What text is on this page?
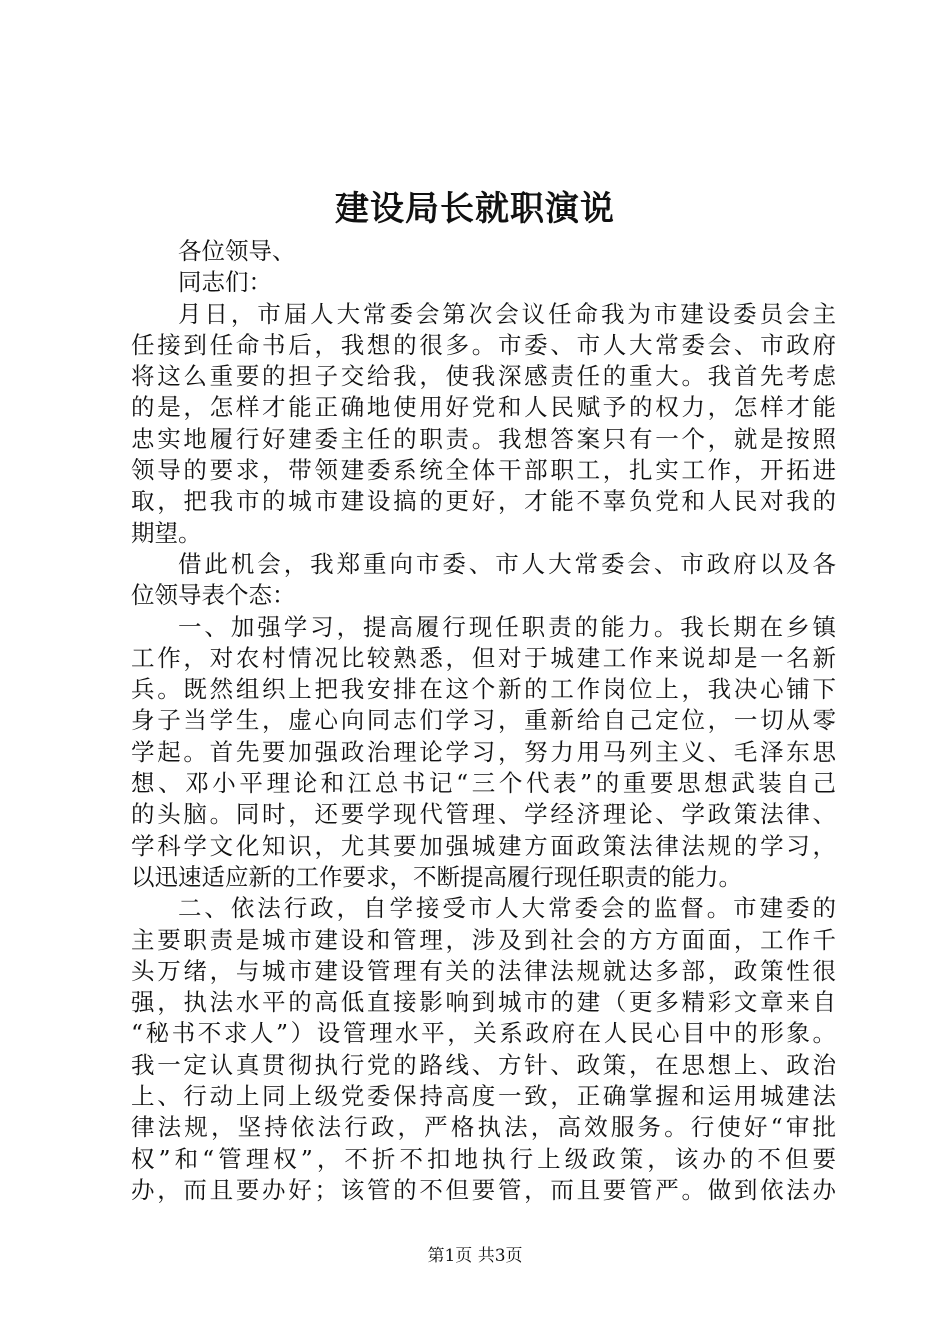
建设局长就职演说
各位领导、
同志们：
月日，市届人大常委会第次会议任命我为市建设委员会主
任接到任命书后，我想的很多。市委、市人大常委会、市政府
将这么重要的担子交给我，使我深感责任的重大。我首先考虑
的是，怎样才能正确地使用好党和人民赋予的权力，怎样才能
忠实地履行好建委主任的职责。我想答案只有一个，就是按照
领导的要求，带领建委系统全体干部职工，扎实工作，开拓进
取，把我市的城市建设搞的更好，才能不辜负党和人民对我的
期望。
借此机会，我郑重向市委、市人大常委会、市政府以及各
位领导表个态：
一、加强学习，提高履行现任职责的能力。我长期在乡镇
工作，对农村情况比较熟悉，但对于城建工作来说却是一名新
兵。既然组织上把我安排在这个新的工作岗位上，我决心铺下
身子当学生，虚心向同志们学习，重新给自己定位，一切从零
学起。首先要加强政治理论学习，努力用马列主义、毛泽东思
想、邓小平理论和江总书记“三个代表”的重要思想武装自己
的头脑。同时，还要学现代管理、学经济理论、学政策法律、
学科学文化知识，尤其要加强城建方面政策法律法规的学习，
以迅速适应新的工作要求，不断提高履行现任职责的能力。
二、依法行政，自学接受市人大常委会的监督。市建委的
主要职责是城市建设和管理，涉及到社会的方方面面，工作千
头万绪，与城市建设管理有关的法律法规就达多部，政策性很
强，执法水平的高低直接影响到城市的建（更多精彩文章来自
“秘书不求人”）设管理水平，关系政府在人民心目中的形象。
我一定认真贯彻执行党的路线、方针、政策，在思想上、政治
上、行动上同上级党委保持高度一致，正确掌握和运用城建法
律法规，坚持依法行政，严格执法，高效服务。行使好“审批
权”和“管理权”，不折不扣地执行上级政策，该办的不但要
办，而且要办好；该管的不但要管，而且要管严。做到依法办
第1页 共3页
